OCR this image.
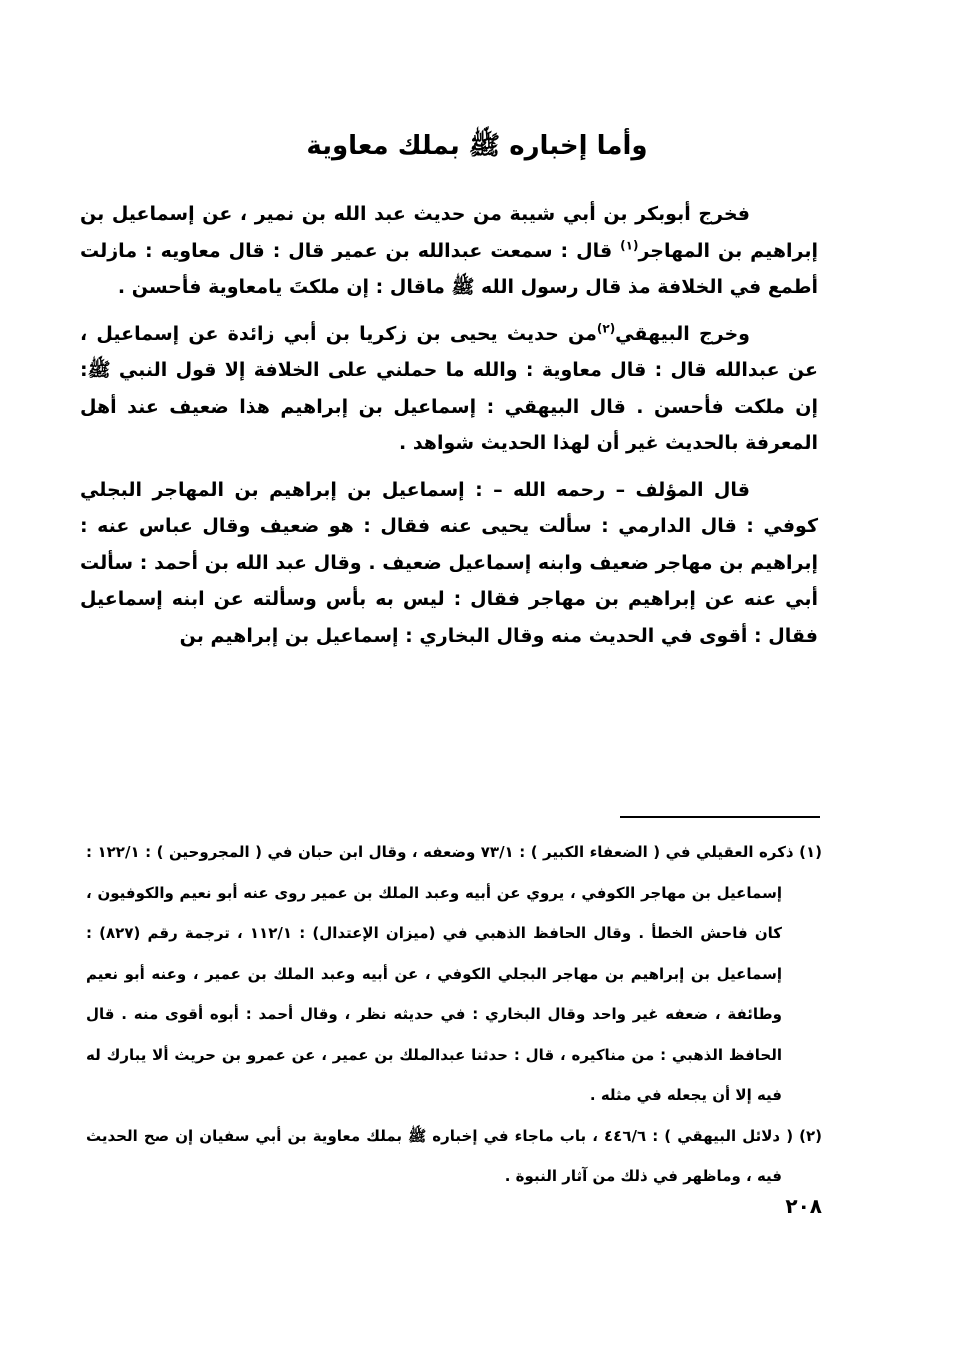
وأما إخباره ﷺ بملك معاوية

فخرج أبوبكر بن أبي شيبة من حديث عبد الله بن نمير ، عن إسماعيل بن إبراهيم بن المهاجر$^{(١)}$ قال : سمعت عبدالله بن عمير قال : قال معاويه : مازلت أطمع في الخلافة مذ قال رسول الله ﷺ ماقال : إن ملكتَ يامعاوية فأحسن .

وخرج البيهقي$^{(٢)}$من حديث يحيى بن زكريا بن أبي زائدة عن إسماعيل ، عن عبدالله قال : قال معاوية : والله ما حملني على الخلافة إلا قول النبي ﷺ: إن ملكت فأحسن . قال البيهقي : إسماعيل بن إبراهيم هذا ضعيف عند أهل المعرفة بالحديث غير أن لهذا الحديث شواهد .

قال المؤلف – رحمه الله – : إسماعيل بن إبراهيم بن المهاجر البجلي كوفي : قال الدارمي : سألت يحيى عنه فقال : هو ضعيف وقال عباس عنه : إبراهيم بن مهاجر ضعيف وابنه إسماعيل ضعيف . وقال عبد الله بن أحمد : سألت أبي عنه عن إبراهيم بن مهاجر فقال : ليس به بأس وسألته عن ابنه إسماعيل فقال : أقوى في الحديث منه وقال البخاري : إسماعيل بن إبراهيم بن

(١) ذكره العقيلي في ( الضعفاء الكبير ) : ٧٣/١ وضعفه ، وقال ابن حبان في ( المجروحين ) : ١٢٢/١ : إسماعيل بن مهاجر الكوفي ، يروي عن أبيه وعبد الملك بن عمير روى عنه أبو نعيم والكوفيون ، كان فاحش الخطأ . وقال الحافظ الذهبي في (ميزان الإعتدال) : ١١٢/١ ، ترجمة رقم (٨٢٧) : إسماعيل بن إبراهيم بن مهاجر البجلي الكوفي ، عن أبيه وعبد الملك بن عمير ، وعنه أبو نعيم وطائفة ، ضعفه غير واحد وقال البخاري : في حديثه نظر ، وقال أحمد : أبوه أقوى منه . قال الحافظ الذهبي : من مناكيره ، قال : حدثنا عبدالملك بن عمير ، عن عمرو بن حريث ألا يبارك له فيه إلا أن يجعله في مثله .

(٢) ( دلائل البيهقي ) : ٤٤٦/٦ ، باب ماجاء في إخباره ﷺ بملك معاوية بن أبي سفيان إن صح الحديث فيه ، وماظهر في ذلك من آثار النبوة .

٢٠٨
